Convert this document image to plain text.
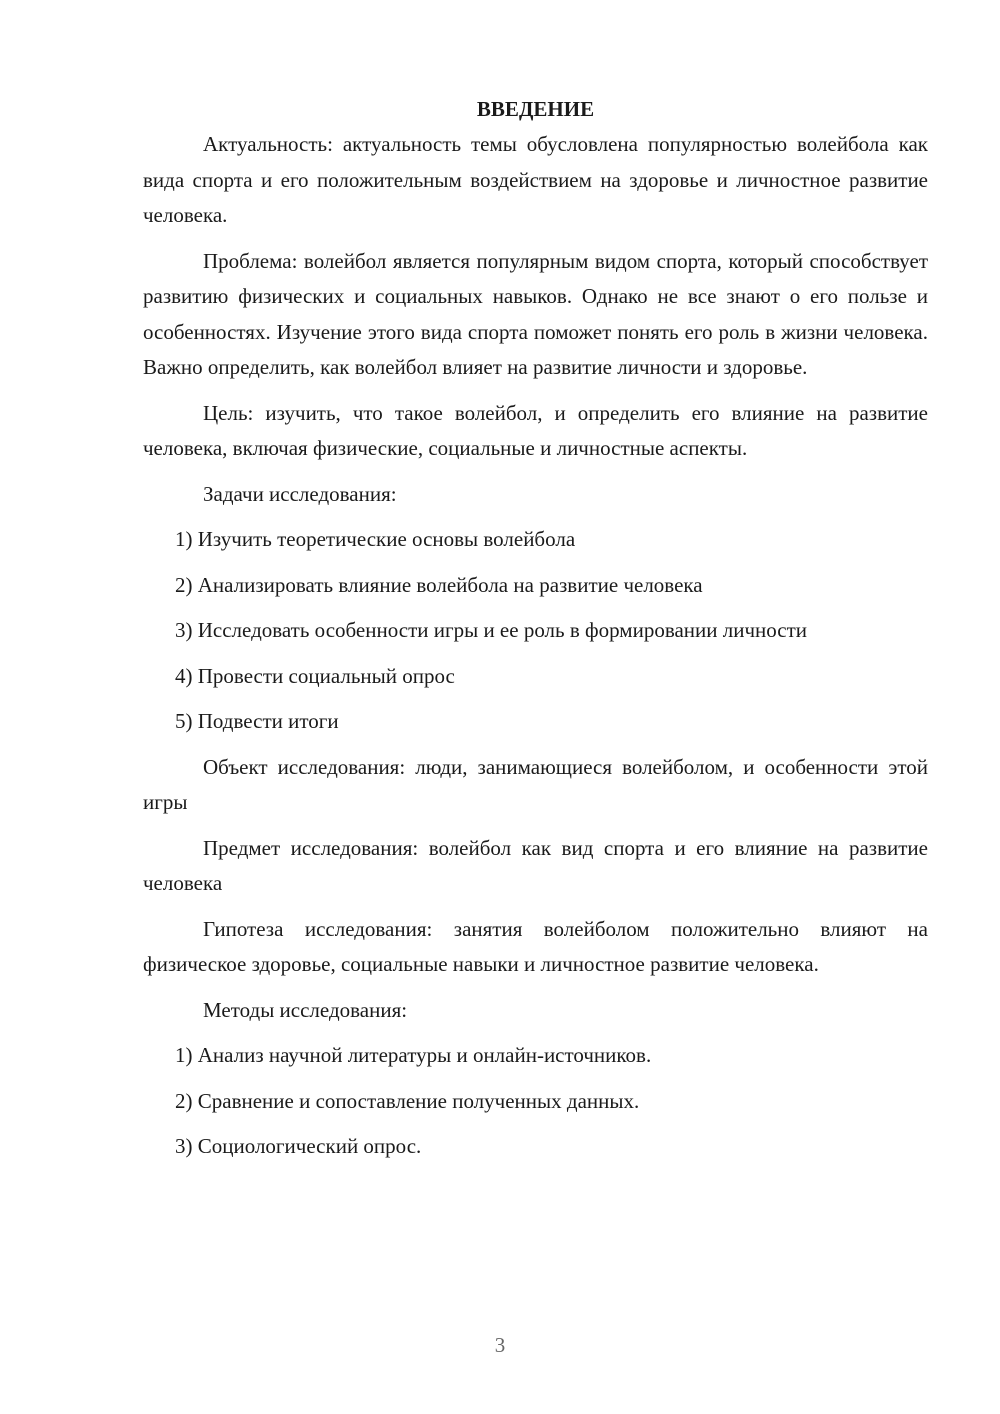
ВВЕДЕНИЕ

Актуальность: актуальность темы обусловлена популярностью волейбола как вида спорта и его положительным воздействием на здоровье и личностное развитие человека.

Проблема: волейбол является популярным видом спорта, который способствует развитию физических и социальных навыков. Однако не все знают о его пользе и особенностях. Изучение этого вида спорта поможет понять его роль в жизни человека. Важно определить, как волейбол влияет на развитие личности и здоровье.

Цель: изучить, что такое волейбол, и определить его влияние на развитие человека, включая физические, социальные и личностные аспекты.

Задачи исследования:

1) Изучить теоретические основы волейбола
2) Анализировать влияние волейбола на развитие человека
3) Исследовать особенности игры и ее роль в формировании личности
4) Провести социальный опрос
5) Подвести итоги

Объект исследования: люди, занимающиеся волейболом, и особенности этой игры

Предмет исследования: волейбол как вид спорта и его влияние на развитие человека

Гипотеза исследования: занятия волейболом положительно влияют на физическое здоровье, социальные навыки и личностное развитие человека.

Методы исследования:

1) Анализ научной литературы и онлайн-источников.
2) Сравнение и сопоставление полученных данных.
3) Социологический опрос.
3
